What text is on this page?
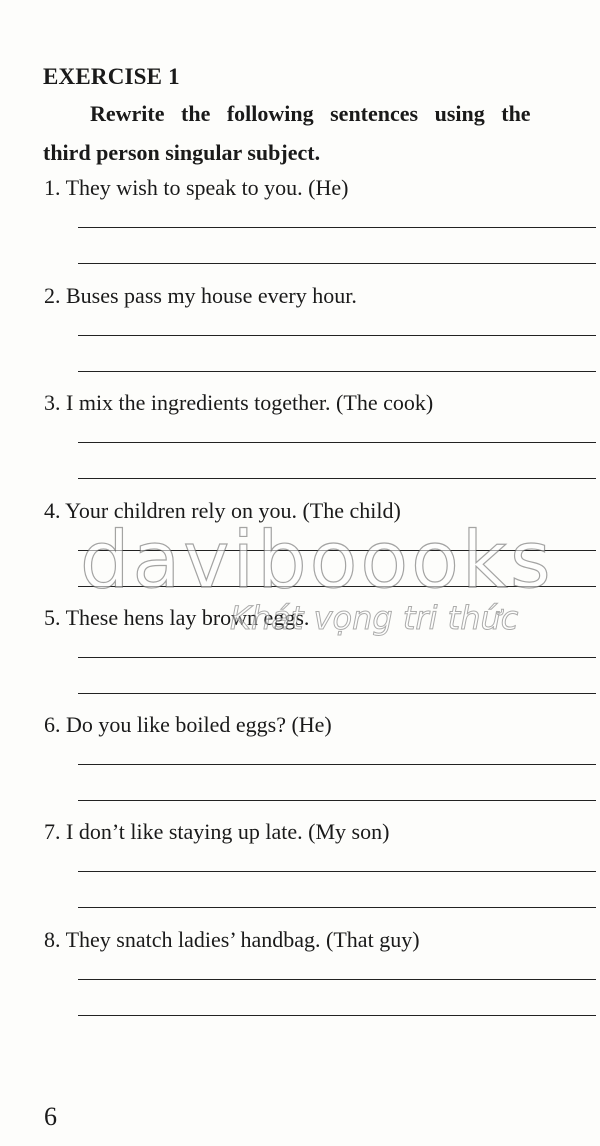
EXERCISE 1
Rewrite the following sentences using the
third person singular subject.
1. They wish to speak to you. (He)
2. Buses pass my house every hour.
3. I mix the ingredients together. (The cook)
4. Your children rely on you. (The child)
5. These hens lay brown eggs.
6. Do you like boiled eggs? (He)
7. I don’t like staying up late. (My son)
8. They snatch ladies’ handbag. (That guy)
daviboooks
Khát vọng tri thức
6
